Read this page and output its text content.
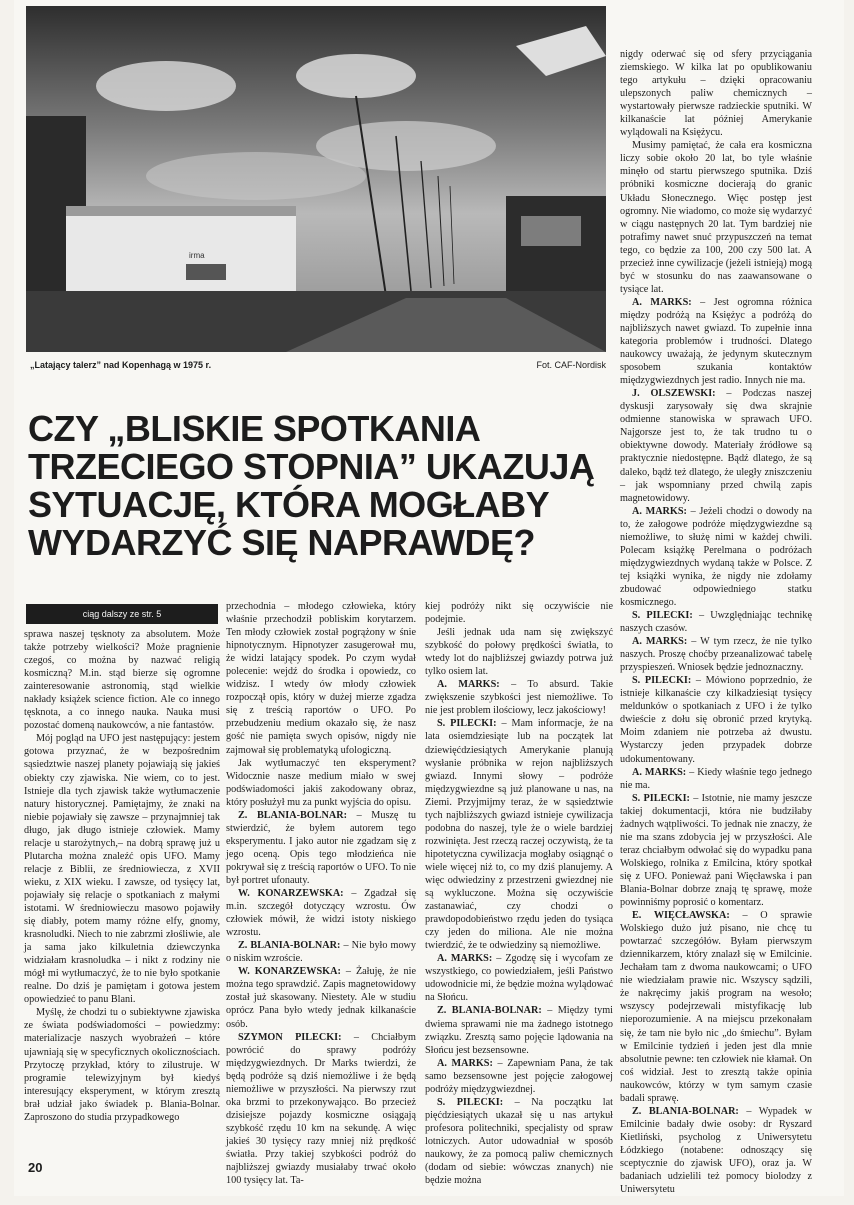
irma
„Latający talerz” nad Kopenhagą w 1975 r.	Fot. CAF-Nordisk
CZY „BLISKIE SPOTKANIA
TRZECIEGO STOPNIA” UKAZUJĄ
SYTUACJĘ, KTÓRA MOGŁABY
WYDARZYĆ SIĘ NAPRAWDĘ?
ciąg dalszy ze str. 5

sprawa naszej tęsknoty za absolutem. Może także potrzeby wielkości? Może pragnienie czegoś, co można by nazwać religią kosmiczną? M.in. stąd bierze się ogromne zainteresowanie astronomią, stąd wielkie nakłady książek science fiction. Ale co innego tęsknota, a co innego nauka. Nauka musi pozostać domeną naukowców, a nie fantastów.

Mój pogląd na UFO jest następujący: jestem gotowa przyznać, że w bezpośrednim sąsiedztwie naszej planety pojawiają się jakieś obiekty czy zjawiska. Nie wiem, co to jest. Istnieje dla tych zjawisk także wytłumaczenie natury historycznej. Pamiętajmy, że znaki na niebie pojawiały się zawsze – przynajmniej tak długo, jak długo istnieje człowiek. Mamy relacje u starożytnych,– na dobrą sprawę już u Plutarcha można znaleźć opis UFO. Mamy relacje z Biblii, ze średniowiecza, z XVII wieku, z XIX wieku. I zawsze, od tysięcy lat, pojawiały się relacje o spotkaniach z małymi istotami. W średniowieczu masowo pojawiły się diabły, potem mamy różne elfy, gnomy, krasnoludki. Niech to nie zabrzmi złośliwie, ale ja sama jako kilkuletnia dziewczynka widziałam krasnoludka – i nikt z rodziny nie mógł mi wytłumaczyć, że to nie było spotkanie realne. Do dziś je pamiętam i gotowa jestem opowiedzieć to panu Blani.

Myślę, że chodzi tu o subiektywne zjawiska ze świata podświadomości – powiedzmy: materializacje naszych wyobrażeń – które ujawniają się w specyficznych okolicznościach. Przytoczę przykład, który to zilustruje. W programie telewizyjnym był kiedyś interesujący eksperyment, w którym zresztą brał udział jako świadek p. Blania-Bolnar. Zaproszono do studia przypadkowego

przechodnia – młodego człowieka, który właśnie przechodził pobliskim korytarzem. Ten młody człowiek został pogrążony w śnie hipnotycznym. Hipnotyzer zasugerował mu, że widzi latający spodek. Po czym wydał polecenie: wejdź do środka i opowiedz, co widzisz. I wtedy ów młody człowiek rozpoczął opis, który w dużej mierze zgadza się z treścią raportów o UFO. Po przebudzeniu medium okazało się, że nasz gość nie pamięta swych opisów, nigdy nie zajmował się problematyką ufologiczną.

Jak wytłumaczyć ten eksperyment? Widocznie nasze medium miało w swej podświadomości jakiś zakodowany obraz, który posłużył mu za punkt wyjścia do opisu.

Z. BLANIA-BOLNAR: – Muszę tu stwierdzić, że byłem autorem tego eksperymentu. I jako autor nie zgadzam się z jego oceną. Opis tego młodzieńca nie pokrywał się z treścią raportów o UFO. To nie był portret ufonauty.

W. KONARZEWSKA: – Zgadzał się m.in. szczegół dotyczący wzrostu. Ów człowiek mówił, że widzi istoty niskiego wzrostu.

Z. BLANIA-BOLNAR: – Nie było mowy o niskim wzroście.

W. KONARZEWSKA: – Żałuję, że nie można tego sprawdzić. Zapis magnetowidowy został już skasowany. Niestety. Ale w studiu oprócz Pana było wtedy jednak kilkanaście osób.

SZYMON PILECKI: – Chciałbym powrócić do sprawy podróży międzygwiezdnych. Dr Marks twierdzi, że będą podróże są dziś niemożliwe i że będą niemożliwe w przyszłości. Na pierwszy rzut oka brzmi to przekonywająco. Bo przecież dzisiejsze pojazdy kosmiczne osiągają szybkość rzędu 10 km na sekundę. A więc jakieś 30 tysięcy razy mniej niż prędkość światła. Przy takiej szybkości podróż do najbliższej gwiazdy musiałaby trwać około 100 tysięcy lat. Ta-

kiej podróży nikt się oczywiście nie podejmie.

Jeśli jednak uda nam się zwiększyć szybkość do połowy prędkości światła, to wtedy lot do najbliższej gwiazdy potrwa już tylko osiem lat.

A. MARKS: – To absurd. Takie zwiększenie szybkości jest niemożliwe. To nie jest problem ilościowy, lecz jakościowy!

S. PILECKI: – Mam informacje, że na lata osiemdziesiąte lub na początek lat dziewięćdziesiątych Amerykanie planują wysłanie próbnika w rejon najbliższych gwiazd. Innymi słowy – podróże międzygwiezdne są już planowane u nas, na Ziemi. Przyjmijmy teraz, że w sąsiedztwie tych najbliższych gwiazd istnieje cywilizacja podobna do naszej, tyle że o wiele bardziej rozwinięta. Jest rzeczą raczej oczywistą, że ta hipotetyczna cywilizacja mogłaby osiągnąć o wiele więcej niż to, co my dziś planujemy. A więc odwiedziny z przestrzeni gwiezdnej nie są wykluczone. Można się oczywiście zastanawiać, czy chodzi o prawdopodobieństwo rzędu jeden do tysiąca czy jeden do miliona. Ale nie można twierdzić, że te odwiedziny są niemożliwe.

A. MARKS: – Zgodzę się i wycofam ze wszystkiego, co powiedziałem, jeśli Państwo udowodnicie mi, że będzie można wylądować na Słońcu.

Z. BLANIA-BOLNAR: – Między tymi dwiema sprawami nie ma żadnego istotnego związku. Zresztą samo pojęcie lądowania na Słońcu jest bezsensowne.

A. MARKS: – Zapewniam Pana, że tak samo bezsensowne jest pojęcie załogowej podróży międzygwiezdnej.

S. PILECKI: – Na początku lat pięćdziesiątych ukazał się u nas artykuł profesora politechniki, specjalisty od spraw lotniczych. Autor udowadniał w sposób naukowy, że za pomocą paliw chemicznych (dodam od siebie: wówczas znanych) nie będzie można

nigdy oderwać się od sfery przyciągania ziemskiego. W kilka lat po opublikowaniu tego artykułu – dzięki opracowaniu ulepszonych paliw chemicznych – wystartowały pierwsze radzieckie sputniki. W kilkanaście lat później Amerykanie wylądowali na Księżycu.

Musimy pamiętać, że cała era kosmiczna liczy sobie około 20 lat, bo tyle właśnie minęło od startu pierwszego sputnika. Dziś próbniki kosmiczne docierają do granic Układu Słonecznego. Więc postęp jest ogromny. Nie wiadomo, co może się wydarzyć w ciągu następnych 20 lat. Tym bardziej nie potrafimy nawet snuć przypuszczeń na temat tego, co będzie za 100, 200 czy 500 lat. A przecież inne cywilizacje (jeżeli istnieją) mogą być w stosunku do nas zaawansowane o tysiące lat.

A. MARKS: – Jest ogromna różnica między podróżą na Księżyc a podróżą do najbliższych nawet gwiazd. To zupełnie inna kategoria problemów i trudności. Dlatego naukowcy uważają, że jedynym skutecznym sposobem szukania kontaktów międzygwiezdnych jest radio. Innych nie ma.

J. OLSZEWSKI: – Podczas naszej dyskusji zarysowały się dwa skrajnie odmienne stanowiska w sprawach UFO. Najgorsze jest to, że tak trudno tu o obiektywne dowody. Materiały źródłowe są praktycznie niedostępne. Bądź dlatego, że są daleko, bądź też dlatego, że uległy zniszczeniu – jak wspomniany przed chwilą zapis magnetowidowy.

A. MARKS: – Jeżeli chodzi o dowody na to, że załogowe podróże międzygwiezdne są niemożliwe, to służę nimi w każdej chwili. Polecam książkę Perelmana o podróżach międzygwiezdnych wydaną także w Polsce. Z tej książki wynika, że nigdy nie zdołamy zbudować odpowiedniego statku kosmicznego.

S. PILECKI: – Uwzględniając technikę naszych czasów.

A. MARKS: – W tym rzecz, że nie tylko naszych. Proszę choćby przeanalizować tabelę przyspieszeń. Wniosek będzie jednoznaczny.

S. PILECKI: – Mówiono poprzednio, że istnieje kilkanaście czy kilkadziesiąt tysięcy meldunków o spotkaniach z UFO i że tylko dwieście z dołu się obronić przed krytyką. Moim zdaniem nie potrzeba aż dwustu. Wystarczy jeden przypadek dobrze udokumentowany.

A. MARKS: – Kiedy właśnie tego jednego nie ma.

S. PILECKI: – Istotnie, nie mamy jeszcze takiej dokumentacji, która nie budziłaby żadnych wątpliwości. To jednak nie znaczy, że nie ma szans zdobycia jej w przyszłości. Ale teraz chciałbym odwołać się do wypadku pana Wolskiego, rolnika z Emilcina, który spotkał się z UFO. Ponieważ pani Więcławska i pan Blania-Bolnar dobrze znają tę sprawę, może powinniśmy poprosić o komentarz.

E. WIĘCŁAWSKA: – O sprawie Wolskiego dużo już pisano, nie chcę tu powtarzać szczegółów. Byłam pierwszym dziennikarzem, który znalazł się w Emilcinie. Jechałam tam z dwoma naukowcami; o UFO nie wiedziałam prawie nic. Wszyscy sądzili, że nakręcimy jakiś program na wesoło; wszyscy podejrzewali mistyfikację lub nieporozumienie. A na miejscu przekonałam się, że tam nie było nic „do śmiechu”. Byłam w Emilcinie tydzień i jeden jest dla mnie absolutnie pewne: ten człowiek nie kłamał. On coś widział. Jest to zresztą także opinia naukowców, którzy w tym samym czasie badali sprawę.

Z. BLANIA-BOLNAR: – Wypadek w Emilcinie badały dwie osoby: dr Ryszard Kietliński, psycholog z Uniwersytetu Łódzkiego (notabene: odnoszący się sceptycznie do zjawisk UFO), oraz ja. W badaniach udzielili też pomocy biolodzy z Uniwersytetu

20
